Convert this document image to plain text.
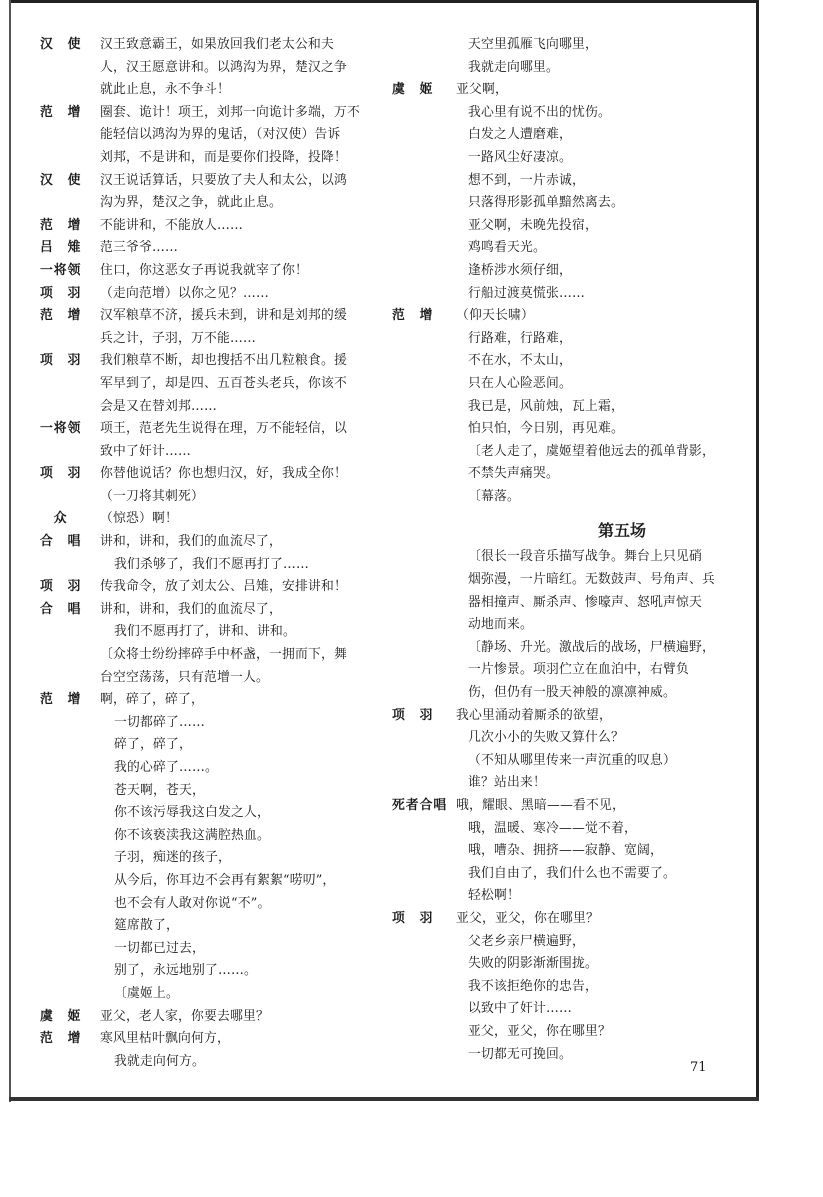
汉　使	汉王致意霸王，如果放回我们老太公和夫
人，汉王愿意讲和。以鸿沟为界，楚汉之争
就此止息，永不争斗！
范　增	圈套、诡计！项王，刘邦一向诡计多端，万不
能轻信以鸿沟为界的鬼话，（对汉使）告诉
刘邦，不是讲和，而是要你们投降，投降！
汉　使	汉王说话算话，只要放了夫人和太公，以鸿
沟为界，楚汉之争，就此止息。
范　增	不能讲和，不能放人……
吕　雉	范三爷爷……
一将领	住口，你这恶女子再说我就宰了你！
项　羽	（走向范增）以你之见？……
范　增	汉军粮草不济，援兵未到，讲和是刘邦的缓
兵之计，子羽，万不能……
项　羽	我们粮草不断，却也搜括不出几粒粮食。援
军早到了，却是四、五百苍头老兵，你该不
会是又在替刘邦……
一将领	项王，范老先生说得在理，万不能轻信，以
致中了奸计……
项　羽	你替他说话？你也想归汉，好，我成全你！
（一刀将其刺死）
　众	（惊恐）啊！
合　唱	讲和，讲和，我们的血流尽了，
我们杀够了，我们不愿再打了……
项　羽	传我命令，放了刘太公、吕雉，安排讲和！
合　唱	讲和，讲和，我们的血流尽了，
我们不愿再打了，讲和、讲和。
〔众将士纷纷摔碎手中杯盏，一拥而下，舞
台空空荡荡，只有范增一人。
范　增	啊，碎了，碎了，
一切都碎了……
碎了，碎了，
我的心碎了……。
苍天啊，苍天，
你不该污辱我这白发之人，
你不该亵渎我这满腔热血。
子羽，痴迷的孩子，
从今后，你耳边不会再有絮絮“唠叨”，
也不会有人敢对你说“不”。
筵席散了，
一切都已过去，
别了，永远地别了……。
〔虞姬上。
虞　姬	亚父，老人家，你要去哪里？
范　增	寒风里枯叶飘向何方，
我就走向何方。
天空里孤雁飞向哪里，
我就走向哪里。
虞　姬	亚父啊，
我心里有说不出的忧伤。
白发之人遭磨难，
一路风尘好凄凉。
想不到，一片赤诚，
只落得形影孤单黯然离去。
亚父啊，未晚先投宿，
鸡鸣看天光。
逢桥涉水须仔细，
行船过渡莫慌张……
范　增	（仰天长啸）
行路难，行路难，
不在水，不太山，
只在人心险恶间。
我已是，风前烛，瓦上霜，
怕只怕，今日别，再见难。
〔老人走了，虞姬望着他远去的孤单背影，
不禁失声痛哭。
〔幕落。
第五场
〔很长一段音乐描写战争。舞台上只见硝
烟弥漫，一片暗红。无数鼓声、号角声、兵
器相撞声、厮杀声、惨嚎声、怒吼声惊天
动地而来。
〔静场、升光。激战后的战场，尸横遍野，
一片惨景。项羽伫立在血泊中，右臂负
伤，但仍有一股天神般的凛凛神威。
项　羽	我心里涌动着厮杀的欲望，
几次小小的失败又算什么？
（不知从哪里传来一声沉重的叹息）
谁？站出来！
死者合唱 哦，耀眼、黑暗——看不见，
哦，温暖、寒冷——觉不着，
哦，嘈杂、拥挤——寂静、宽阔，
我们自由了，我们什么也不需要了。
轻松啊！
项　羽	亚父，亚父，你在哪里？
父老乡亲尸横遍野，
失败的阴影渐渐围拢。
我不该拒绝你的忠告，
以致中了奸计……
亚父，亚父，你在哪里？
一切都无可挽回。
71
